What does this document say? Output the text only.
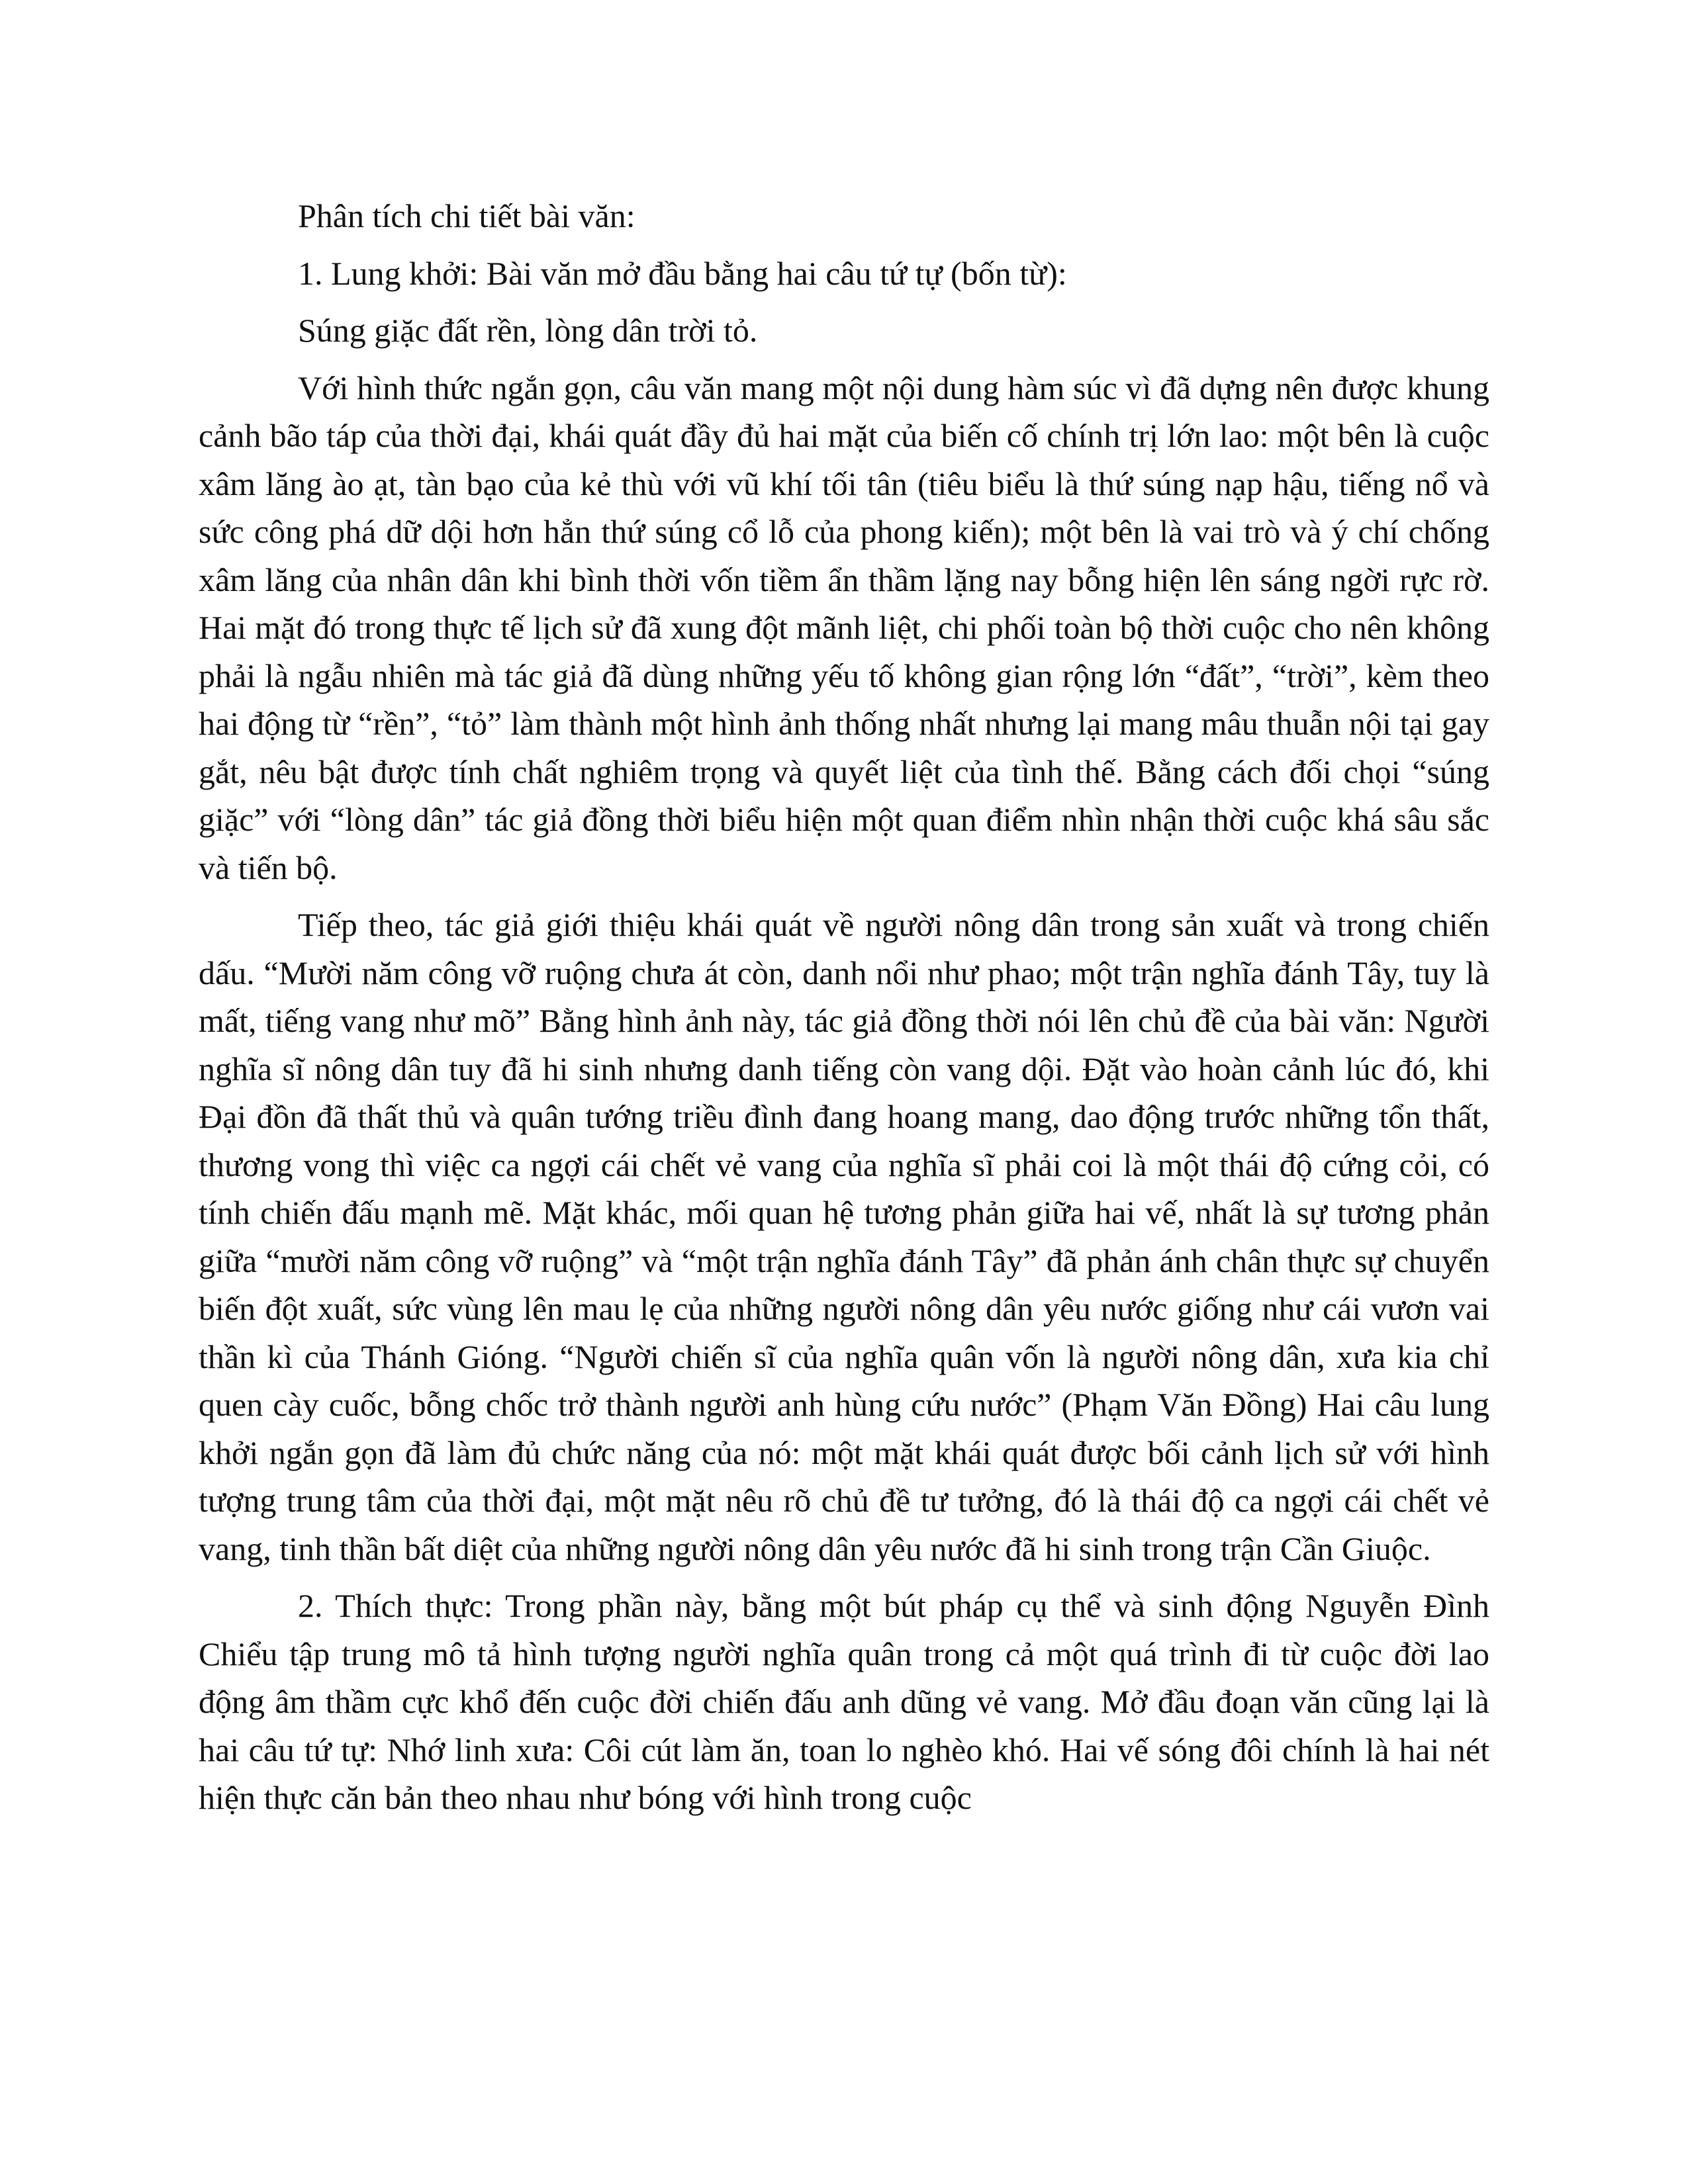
Phân tích chi tiết bài văn:
1. Lung khởi: Bài văn mở đầu bằng hai câu tứ tự (bốn từ):
Súng giặc đất rền, lòng dân trời tỏ.
Với hình thức ngắn gọn, câu văn mang một nội dung hàm súc vì đã dựng nên được khung cảnh bão táp của thời đại, khái quát đầy đủ hai mặt của biến cố chính trị lớn lao: một bên là cuộc xâm lăng ào ạt, tàn bạo của kẻ thù với vũ khí tối tân (tiêu biểu là thứ súng nạp hậu, tiếng nổ và sức công phá dữ dội hơn hẳn thứ súng cổ lỗ của phong kiến); một bên là vai trò và ý chí chống xâm lăng của nhân dân khi bình thời vốn tiềm ẩn thầm lặng nay bỗng hiện lên sáng ngời rực rờ. Hai mặt đó trong thực tế lịch sử đã xung đột mãnh liệt, chi phối toàn bộ thời cuộc cho nên không phải là ngẫu nhiên mà tác giả đã dùng những yếu tố không gian rộng lớn “đất”, “trời”, kèm theo hai động từ “rền”, “tỏ” làm thành một hình ảnh thống nhất nhưng lại mang mâu thuẫn nội tại gay gắt, nêu bật được tính chất nghiêm trọng và quyết liệt của tình thế. Bằng cách đối chọi “súng giặc” với “lòng dân” tác giả đồng thời biểu hiện một quan điểm nhìn nhận thời cuộc khá sâu sắc và tiến bộ.
Tiếp theo, tác giả giới thiệu khái quát về người nông dân trong sản xuất và trong chiến dấu. “Mười năm công vỡ ruộng chưa át còn, danh nổi như phao; một trận nghĩa đánh Tây, tuy là mất, tiếng vang như mõ” Bằng hình ảnh này, tác giả đồng thời nói lên chủ đề của bài văn: Người nghĩa sĩ nông dân tuy đã hi sinh nhưng danh tiếng còn vang dội. Đặt vào hoàn cảnh lúc đó, khi Đại đồn đã thất thủ và quân tướng triều đình đang hoang mang, dao động trước những tổn thất, thương vong thì việc ca ngợi cái chết vẻ vang của nghĩa sĩ phải coi là một thái độ cứng cỏi, có tính chiến đấu mạnh mẽ. Mặt khác, mối quan hệ tương phản giữa hai vế, nhất là sự tương phản giữa “mười năm công vỡ ruộng” và “một trận nghĩa đánh Tây” đã phản ánh chân thực sự chuyển biến đột xuất, sức vùng lên mau lẹ của những người nông dân yêu nước giống như cái vươn vai thần kì của Thánh Gióng. “Người chiến sĩ của nghĩa quân vốn là người nông dân, xưa kia chỉ quen cày cuốc, bỗng chốc trở thành người anh hùng cứu nước” (Phạm Văn Đồng) Hai câu lung khởi ngắn gọn đã làm đủ chức năng của nó: một mặt khái quát được bối cảnh lịch sử với hình tượng trung tâm của thời đại, một mặt nêu rõ chủ đề tư tưởng, đó là thái độ ca ngợi cái chết vẻ vang, tinh thần bất diệt của những người nông dân yêu nước đã hi sinh trong trận Cần Giuộc.
2. Thích thực: Trong phần này, bằng một bút pháp cụ thể và sinh động Nguyễn Đình Chiểu tập trung mô tả hình tượng người nghĩa quân trong cả một quá trình đi từ cuộc đời lao động âm thầm cực khổ đến cuộc đời chiến đấu anh dũng vẻ vang. Mở đầu đoạn văn cũng lại là hai câu tứ tự: Nhớ linh xưa: Côi cút làm ăn, toan lo nghèo khó. Hai vế sóng đôi chính là hai nét hiện thực căn bản theo nhau như bóng với hình trong cuộc
